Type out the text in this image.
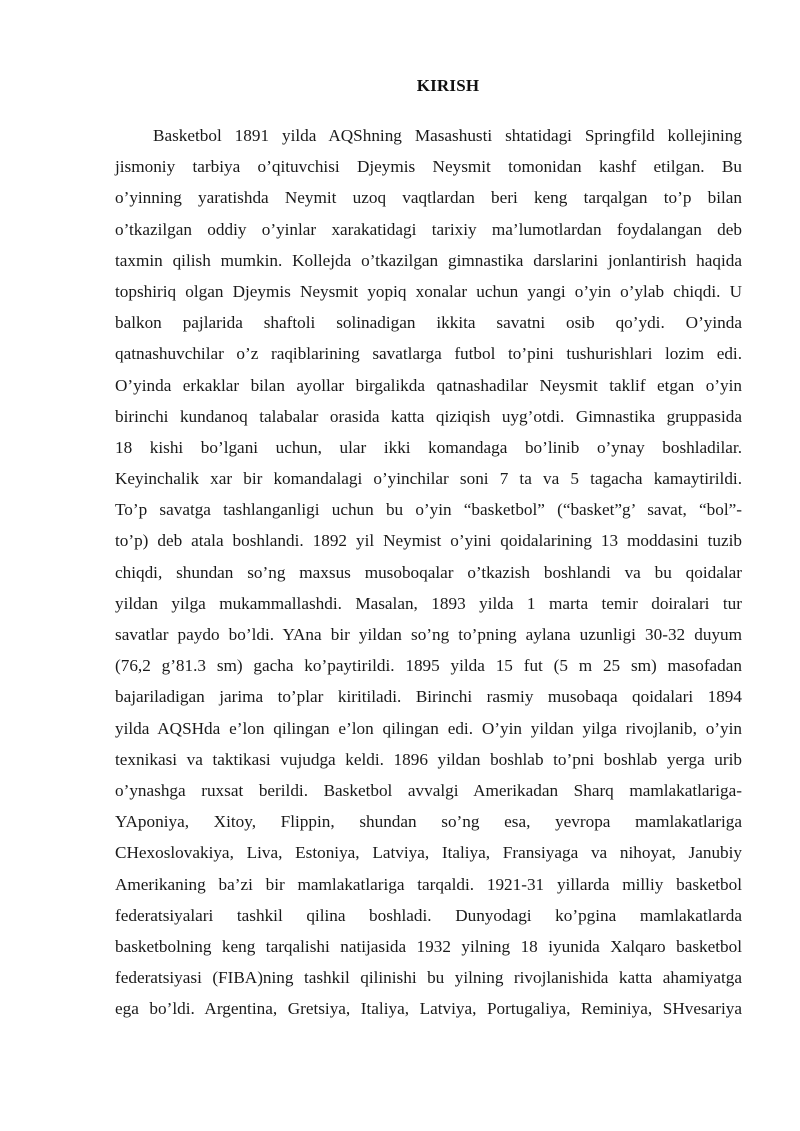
KIRISH
Basketbol 1891 yilda AQShning Masashusti shtatidagi Springfild kollejining
jismoniy tarbiya o’qituvchisi Djeymis Neysmit tomonidan kashf etilgan. Bu
o’yinning yaratishda Neymit uzoq vaqtlardan beri keng tarqalgan to’p bilan
o’tkazilgan oddiy o’yinlar xarakatidagi tarixiy ma’lumotlardan foydalangan deb
taxmin qilish mumkin. Kollejda o’tkazilgan gimnastika darslarini jonlantirish haqida
topshiriq olgan Djeymis Neysmit yopiq xonalar uchun yangi o’yin o’ylab chiqdi. U
balkon pajlarida shaftoli solinadigan ikkita savatni osib qo’ydi. O’yinda
qatnashuvchilar o’z raqiblarining savatlarga futbol to’pini tushurishlari lozim edi.
O’yinda erkaklar bilan ayollar birgalikda qatnashadilar Neysmit taklif etgan o’yin
birinchi kundanoq talabalar orasida katta qiziqish uyg’otdi. Gimnastika gruppasida
18 kishi bo’lgani uchun, ular ikki komandaga bo’linib o’ynay boshladilar.
Keyinchalik xar bir komandalagi o’yinchilar soni 7 ta va 5 tagacha kamaytirildi.
To’p savatga tashlanganligi uchun bu o’yin “basketbol” (“basket”g’ savat, “bol”-
to’p) deb atala boshlandi. 1892 yil Neymist o’yini qoidalarining 13 moddasini tuzib
chiqdi, shundan so’ng maxsus musoboqalar o’tkazish boshlandi va bu qoidalar
yildan yilga mukammallashdi. Masalan, 1893 yilda 1 marta temir doiralari tur
savatlar paydo bo’ldi. YAna bir yildan so’ng to’pning aylana uzunligi 30-32 duyum
(76,2 g’81.3 sm) gacha ko’paytirildi. 1895 yilda 15 fut (5 m 25 sm) masofadan
bajariladigan jarima to’plar kiritiladi. Birinchi rasmiy musobaqa qoidalari 1894
yilda AQSHda e’lon qilingan e’lon qilingan edi. O’yin yildan yilga rivojlanib, o’yin
texnikasi va taktikasi vujudga keldi. 1896 yildan boshlab to’pni boshlab yerga urib
o’ynashga ruxsat berildi. Basketbol avvalgi Amerikadan Sharq mamlakatlariga-
YAponiya, Xitoy, Flippin, shundan so’ng esa, yevropa mamlakatlariga
CHexoslovakiya, Liva, Estoniya, Latviya, Italiya, Fransiyaga va nihoyat, Janubiy
Amerikaning ba’zi bir mamlakatlariga tarqaldi. 1921-31 yillarda milliy basketbol
federatsiyalari tashkil qilina boshladi. Dunyodagi ko’pgina mamlakatlarda
basketbolning keng tarqalishi natijasida 1932 yilning 18 iyunida Xalqaro basketbol
federatsiyasi (FIBA)ning tashkil qilinishi bu yilning rivojlanishida katta ahamiyatga
ega bo’ldi. Argentina, Gretsiya, Italiya, Latviya, Portugaliya, Reminiya, SHvesariya
